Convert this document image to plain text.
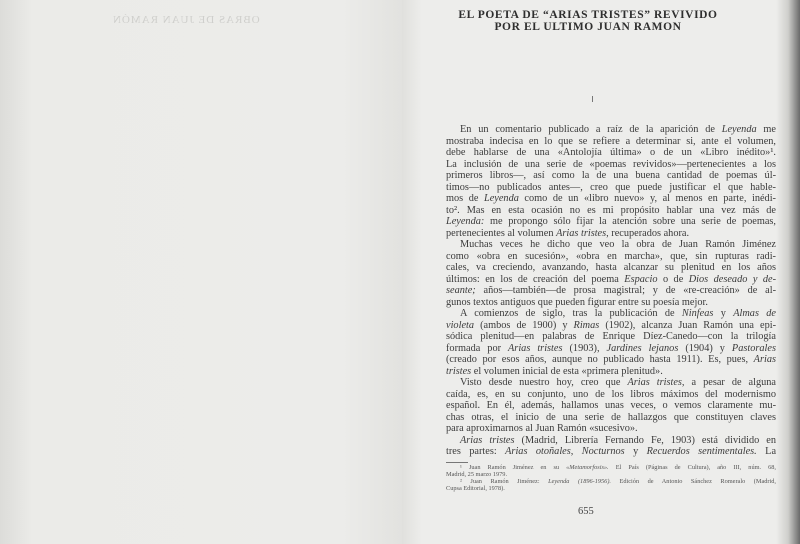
OBRAS DE JUAN RAMÓN	EL POETA DE “ARIAS TRISTES” REVIVIDO
POR EL ULTIMO JUAN RAMON
En un comentario publicado a raíz de la aparición de Leyenda me
mostraba indecisa en lo que se refiere a determinar si, ante el volumen,
debe hablarse de una «Antolojía última» o de un «Libro inédito»¹.
La inclusión de una serie de «poemas revividos»—pertenecientes a los
primeros libros—, así como la de una buena cantidad de poemas úl-
timos—no publicados antes—, creo que puede justificar el que hable-
mos de Leyenda como de un «libro nuevo» y, al menos en parte, inédi-
to². Mas en esta ocasión no es mi propósito hablar una vez más de
Leyenda: me propongo sólo fijar la atención sobre una serie de poemas,
pertenecientes al volumen Arias tristes, recuperados ahora.
Muchas veces he dicho que veo la obra de Juan Ramón Jiménez
como «obra en sucesión», «obra en marcha», que, sin rupturas radi-
cales, va creciendo, avanzando, hasta alcanzar su plenitud en los años
últimos: en los de creación del poema Espacio o de Dios deseado y de-
seante; años—también—de prosa magistral; y de «re-creación» de al-
gunos textos antiguos que pueden figurar entre su poesía mejor.
A comienzos de siglo, tras la publicación de Ninfeas y Almas de
violeta (ambos de 1900) y Rimas (1902), alcanza Juan Ramón una epi-
sódica plenitud—en palabras de Enrique Díez-Canedo—con la trilogía
formada por Arias tristes (1903), Jardines lejanos (1904) y Pastorales
(creado por esos años, aunque no publicado hasta 1911). Es, pues, Arias
tristes el volumen inicial de esta «primera plenitud».
Visto desde nuestro hoy, creo que Arias tristes, a pesar de alguna
caída, es, en su conjunto, uno de los libros máximos del modernismo
español. En él, además, hallamos unas veces, o vemos claramente mu-
chas otras, el inicio de una serie de hallazgos que constituyen claves
para aproximarnos al Juan Ramón «sucesivo».
Arias tristes (Madrid, Librería Fernando Fe, 1903) está dividido en
tres partes: Arias otoñales, Nocturnos y Recuerdos sentimentales. La
¹ Juan Ramón Jiménez en su «Metamorfosis». El País (Páginas de Cultura), año III, núm. 68,
Madrid, 25 marzo 1979.
² Juan Ramón Jiménez: Leyenda (1896-1956). Edición de Antonio Sánchez Romeralo (Madrid,
Cupsa Editorial, 1978).
655
